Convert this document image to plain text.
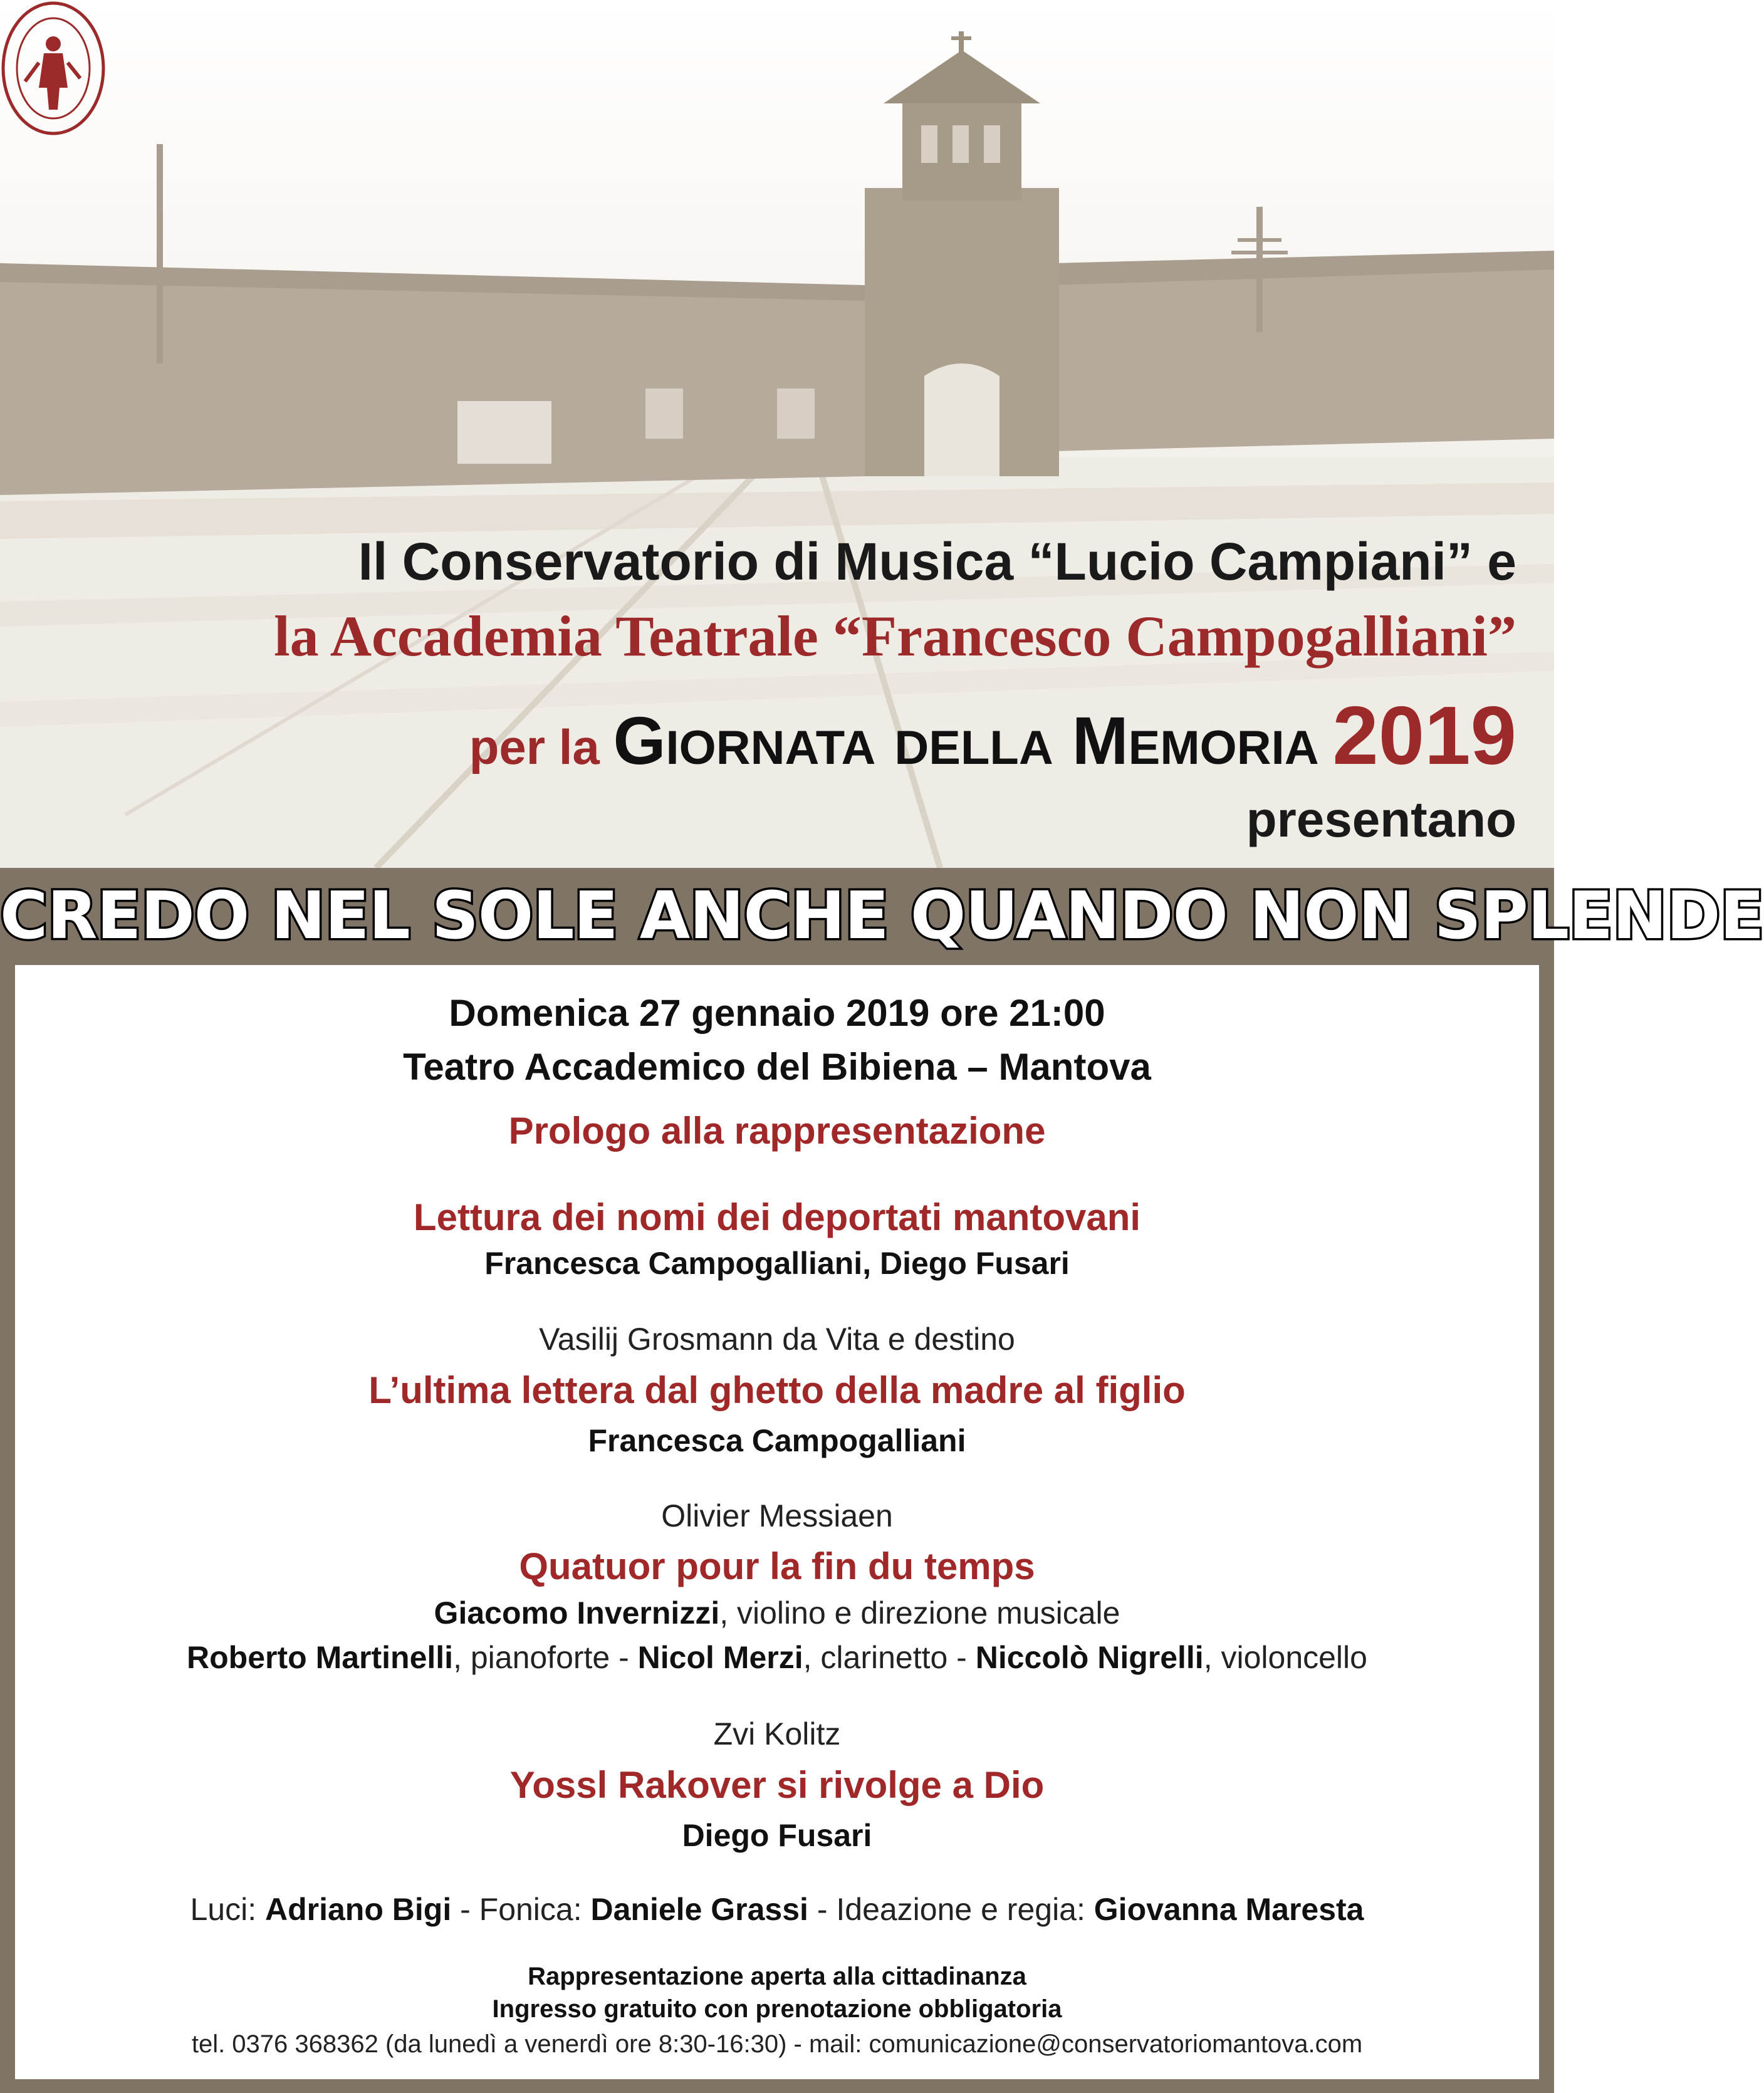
Il Conservatorio di Musica “Lucio Campiani” e
la Accademia Teatrale “Francesco Campogalliani”
per la Giornata della Memoria 2019
presentano
CREDO NEL SOLE ANCHE QUANDO NON SPLENDE
Domenica 27 gennaio 2019 ore 21:00
Teatro Accademico del Bibiena – Mantova
Prologo alla rappresentazione
Lettura dei nomi dei deportati mantovani
Francesca Campogalliani, Diego Fusari
Vasilij Grosmann da Vita e destino
L’ultima lettera dal ghetto della madre al figlio
Francesca Campogalliani
Olivier Messiaen
Quatuor pour la fin du temps
Giacomo Invernizzi, violino e direzione musicale
Roberto Martinelli, pianoforte - Nicol Merzi, clarinetto - Niccolò Nigrelli, violoncello
Zvi Kolitz
Yossl Rakover si rivolge a Dio
Diego Fusari
Luci: Adriano Bigi - Fonica: Daniele Grassi - Ideazione e regia: Giovanna Maresta
Rappresentazione aperta alla cittadinanza
Ingresso gratuito con prenotazione obbligatoria
tel. 0376 368362 (da lunedì a venerdì ore 8:30-16:30) - mail: comunicazione@conservatoriomantova.com
